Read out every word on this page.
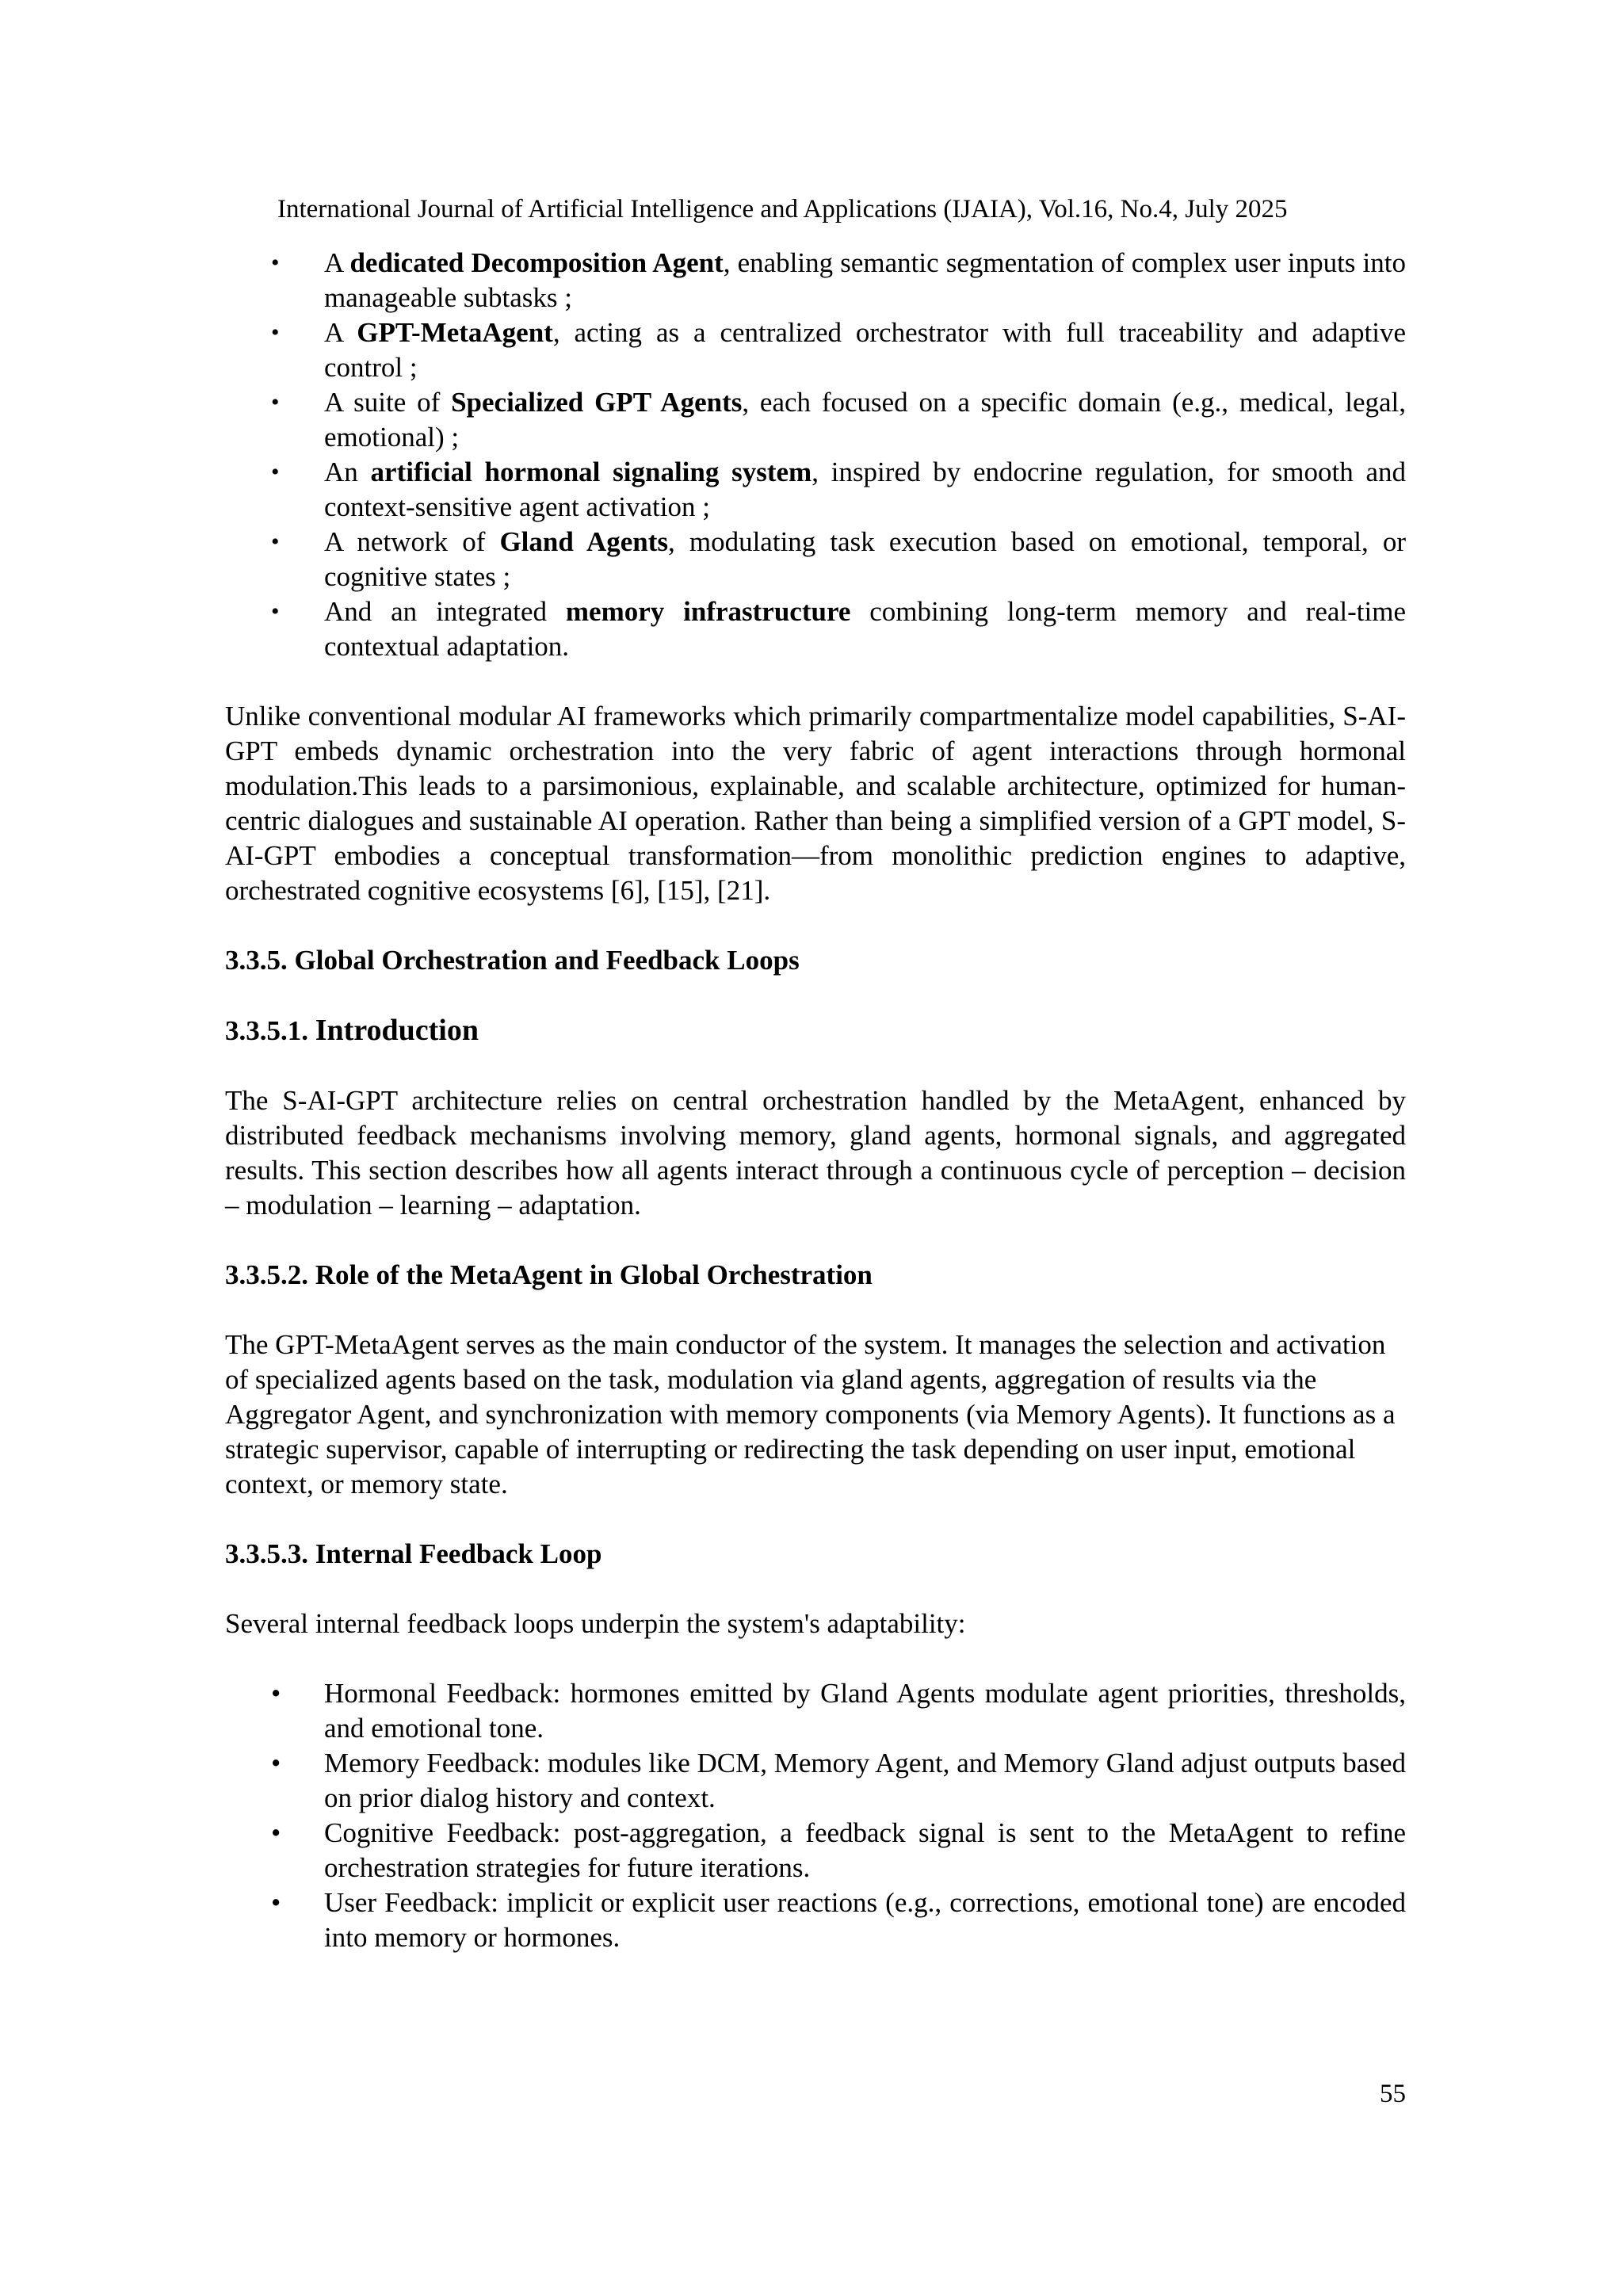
International Journal of Artificial Intelligence and Applications (IJAIA), Vol.16, No.4, July 2025
•	A dedicated Decomposition Agent, enabling semantic segmentation of complex user inputs into manageable subtasks ;
•	A GPT-MetaAgent, acting as a centralized orchestrator with full traceability and adaptive control ;
•	A suite of Specialized GPT Agents, each focused on a specific domain (e.g., medical, legal, emotional) ;
•	An artificial hormonal signaling system, inspired by endocrine regulation, for smooth and context-sensitive agent activation ;
•	A network of Gland Agents, modulating task execution based on emotional, temporal, or cognitive states ;
•	And an integrated memory infrastructure combining long-term memory and real-time contextual adaptation.

Unlike conventional modular AI frameworks which primarily compartmentalize model capabilities, S-AI-GPT embeds dynamic orchestration into the very fabric of agent interactions through hormonal modulation.This leads to a parsimonious, explainable, and scalable architecture, optimized for human-centric dialogues and sustainable AI operation. Rather than being a simplified version of a GPT model, S-AI-GPT embodies a conceptual transformation—from monolithic prediction engines to adaptive, orchestrated cognitive ecosystems [6], [15], [21].

3.3.5. Global Orchestration and Feedback Loops
3.3.5.1. Introduction

The S-AI-GPT architecture relies on central orchestration handled by the MetaAgent, enhanced by distributed feedback mechanisms involving memory, gland agents, hormonal signals, and aggregated results. This section describes how all agents interact through a continuous cycle of perception – decision – modulation – learning – adaptation.

3.3.5.2. Role of the MetaAgent in Global Orchestration

The GPT-MetaAgent serves as the main conductor of the system. It manages the selection and activation of specialized agents based on the task, modulation via gland agents, aggregation of results via the Aggregator Agent, and synchronization with memory components (via Memory Agents). It functions as a strategic supervisor, capable of interrupting or redirecting the task depending on user input, emotional context, or memory state.

3.3.5.3. Internal Feedback Loop

Several internal feedback loops underpin the system's adaptability:

•	Hormonal Feedback: hormones emitted by Gland Agents modulate agent priorities, thresholds, and emotional tone.
•	Memory Feedback: modules like DCM, Memory Agent, and Memory Gland adjust outputs based on prior dialog history and context.
•	Cognitive Feedback: post-aggregation, a feedback signal is sent to the MetaAgent to refine orchestration strategies for future iterations.
•	User Feedback: implicit or explicit user reactions (e.g., corrections, emotional tone) are encoded into memory or hormones.
55
